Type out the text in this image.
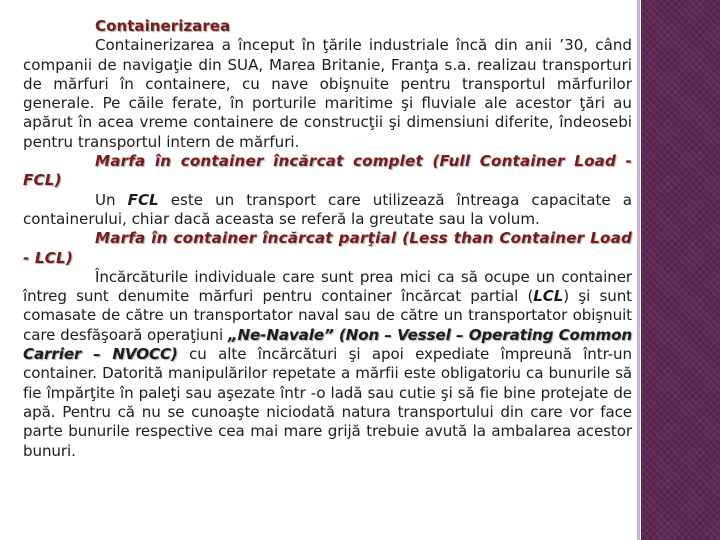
Containerizarea

Containerizarea a început în ţările industriale încă din anii ’30, când companii de navigaţie din SUA, Marea Britanie, Franţa s.a. realizau transporturi de mărfuri în containere, cu nave obişnuite pentru transportul mărfurilor generale. Pe căile ferate, în porturile maritime şi fluviale ale acestor ţări au apărut în acea vreme containere de construcţii şi dimensiuni diferite, îndeosebi pentru transportul intern de mărfuri.

Marfa în container încărcat complet (Full Container Load - FCL)

Un FCL este un transport care utilizează întreaga capacitate a containerului, chiar dacă aceasta se referă la greutate sau la volum.

Marfa în container încărcat parţial (Less than Container Load - LCL)

Încărcăturile individuale care sunt prea mici ca să ocupe un container întreg sunt denumite mărfuri pentru container încărcat partial (LCL) şi sunt comasate de către un transportator naval sau de către un transportator obişnuit care desfăşoară operaţiuni „Ne-Navale” (Non – Vessel – Operating Common Carrier – NVOCC) cu alte încărcături şi apoi expediate împreună într-un container. Datorită manipulărilor repetate a mărfii este obligatoriu ca bunurile să fie împărţite în paleţi sau aşezate într -o ladă sau cutie şi să fie bine protejate de apă. Pentru că nu se cunoaşte niciodată natura transportului din care vor face parte bunurile respective cea mai mare grijă trebuie avută la ambalarea acestor bunuri.
